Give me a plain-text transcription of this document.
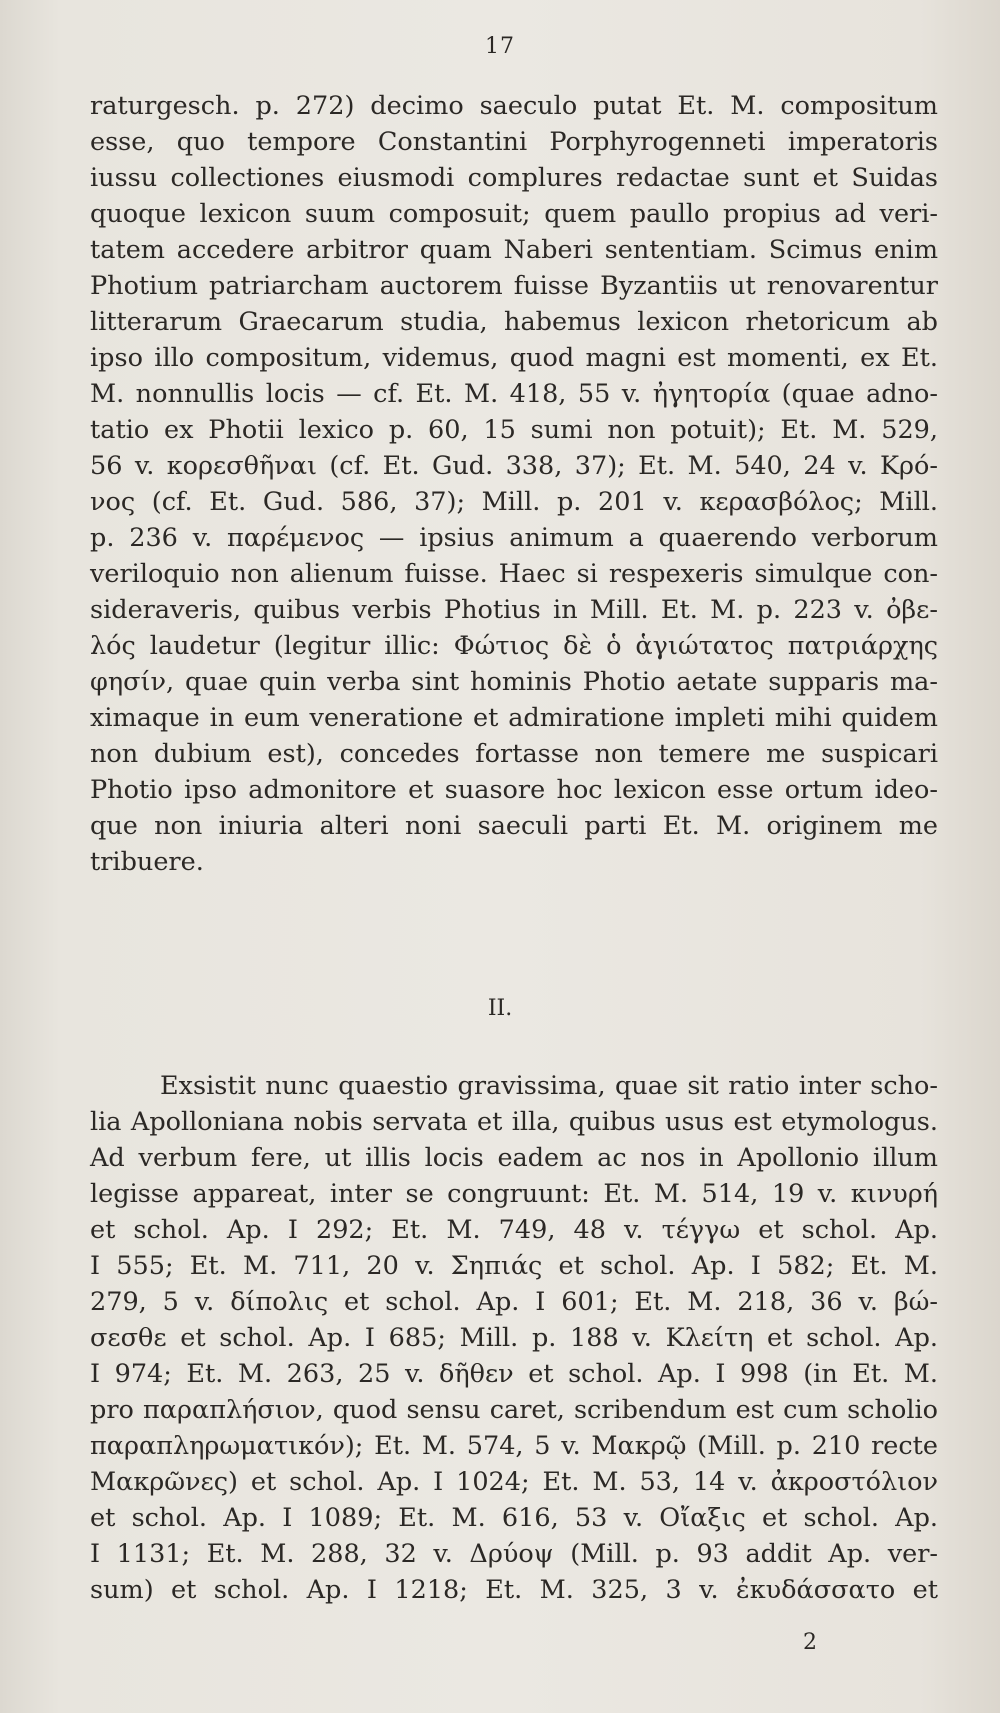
17
raturgesch. p. 272) decimo saeculo putat Et. M. compositum
esse, quo tempore Constantini Porphyrogenneti imperatoris
iussu collectiones eiusmodi complures redactae sunt et Suidas
quoque lexicon suum composuit; quem paullo propius ad veri-
tatem accedere arbitror quam Naberi sententiam. Scimus enim
Photium patriarcham auctorem fuisse Byzantiis ut renovarentur
litterarum Graecarum studia, habemus lexicon rhetoricum ab
ipso illo compositum, videmus, quod magni est momenti, ex Et.
M. nonnullis locis — cf. Et. M. 418, 55 v. ἠγητορία (quae adno-
tatio ex Photii lexico p. 60, 15 sumi non potuit); Et. M. 529,
56 v. κορεσθῆναι (cf. Et. Gud. 338, 37); Et. M. 540, 24 v. Κρό-
νος (cf. Et. Gud. 586, 37); Mill. p. 201 v. κερασβόλος; Mill.
p. 236 v. παρέμενος — ipsius animum a quaerendo verborum
veriloquio non alienum fuisse. Haec si respexeris simulque con-
sideraveris, quibus verbis Photius in Mill. Et. M. p. 223 v. ὀβε-
λός laudetur (legitur illic: Φώτιος δὲ ὁ ἁγιώτατος πατριάρχης
φησίν, quae quin verba sint hominis Photio aetate supparis ma-
ximaque in eum veneratione et admiratione impleti mihi quidem
non dubium est), concedes fortasse non temere me suspicari
Photio ipso admonitore et suasore hoc lexicon esse ortum ideo-
que non iniuria alteri noni saeculi parti Et. M. originem me
tribuere.
II.
Exsistit nunc quaestio gravissima, quae sit ratio inter scho-
lia Apolloniana nobis servata et illa, quibus usus est etymologus.
Ad verbum fere, ut illis locis eadem ac nos in Apollonio illum
legisse appareat, inter se congruunt: Et. M. 514, 19 v. κινυρή
et schol. Ap. I 292; Et. M. 749, 48 v. τέγγω et schol. Ap.
I 555; Et. M. 711, 20 v. Σηπιάς et schol. Ap. I 582; Et. M.
279, 5 v. δίπολις et schol. Ap. I 601; Et. M. 218, 36 v. βώ-
σεσθε et schol. Ap. I 685; Mill. p. 188 v. Κλείτη et schol. Ap.
I 974; Et. M. 263, 25 v. δῆθεν et schol. Ap. I 998 (in Et. M.
pro παραπλήσιον, quod sensu caret, scribendum est cum scholio
παραπληρωματικόν); Et. M. 574, 5 v. Μακρῷ (Mill. p. 210 recte
Μακρῶνες) et schol. Ap. I 1024; Et. M. 53, 14 v. ἀκροστόλιον
et schol. Ap. I 1089; Et. M. 616, 53 v. Οἴαξις et schol. Ap.
I 1131; Et. M. 288, 32 v. Δρύοψ (Mill. p. 93 addit Ap. ver-
sum) et schol. Ap. I 1218; Et. M. 325, 3 v. ἐκυδάσσατο et
2
